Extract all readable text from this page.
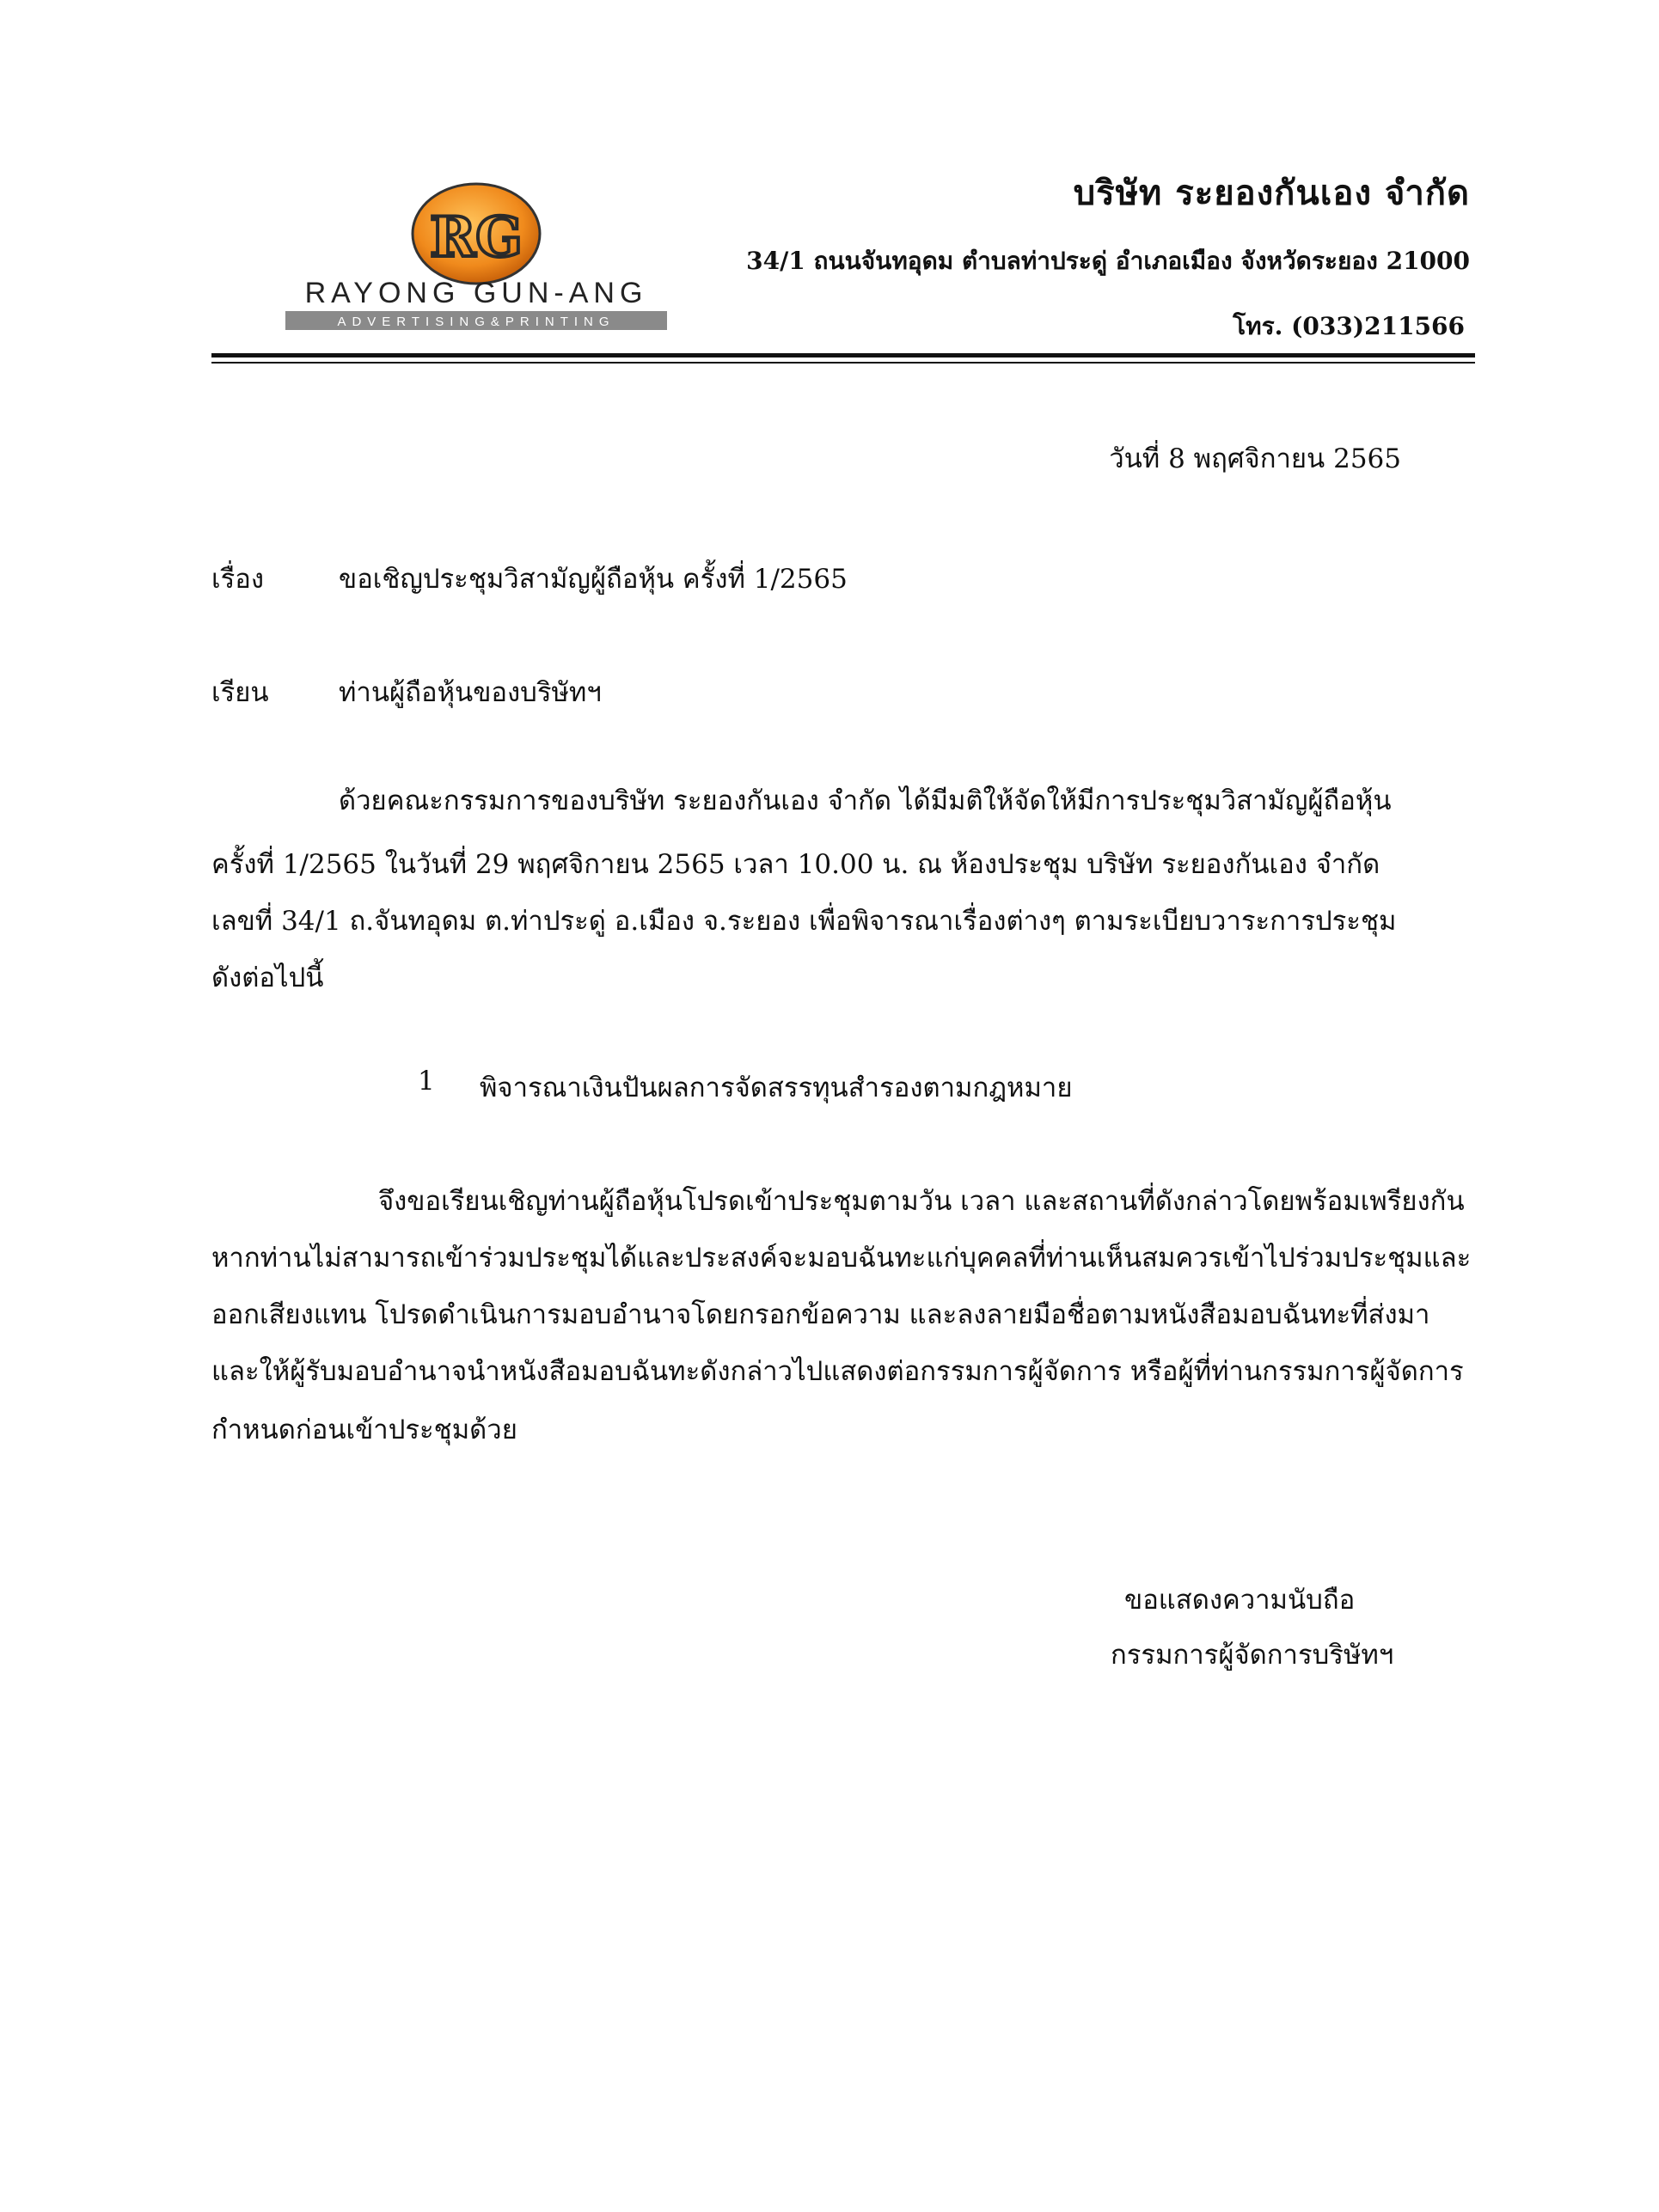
RG
RAYONG GUN-ANG
ADVERTISING&PRINTING
บริษัท ระยองกันเอง จำกัด
34/1 ถนนจันทอุดม ตำบลท่าประดู่ อำเภอเมือง จังหวัดระยอง 21000
โทร. (033)211566
วันที่ 8 พฤศจิกายน 2565
เรื่อง	ขอเชิญประชุมวิสามัญผู้ถือหุ้น ครั้งที่ 1/2565
เรียน	ท่านผู้ถือหุ้นของบริษัทฯ
ด้วยคณะกรรมการของบริษัท ระยองกันเอง จำกัด ได้มีมติให้จัดให้มีการประชุมวิสามัญผู้ถือหุ้น
ครั้งที่ 1/2565 ในวันที่ 29 พฤศจิกายน 2565 เวลา 10.00 น. ณ ห้องประชุม บริษัท ระยองกันเอง จำกัด
เลขที่ 34/1 ถ.จันทอุดม ต.ท่าประดู่ อ.เมือง จ.ระยอง เพื่อพิจารณาเรื่องต่างๆ ตามระเบียบวาระการประชุม
ดังต่อไปนี้
1 พิจารณาเงินปันผลการจัดสรรทุนสำรองตามกฎหมาย
จึงขอเรียนเชิญท่านผู้ถือหุ้นโปรดเข้าประชุมตามวัน เวลา และสถานที่ดังกล่าวโดยพร้อมเพรียงกัน
หากท่านไม่สามารถเข้าร่วมประชุมได้และประสงค์จะมอบฉันทะแก่บุคคลที่ท่านเห็นสมควรเข้าไปร่วมประชุมและ
ออกเสียงแทน โปรดดำเนินการมอบอำนาจโดยกรอกข้อความ และลงลายมือชื่อตามหนังสือมอบฉันทะที่ส่งมา
และให้ผู้รับมอบอำนาจนำหนังสือมอบฉันทะดังกล่าวไปแสดงต่อกรรมการผู้จัดการ หรือผู้ที่ท่านกรรมการผู้จัดการ
กำหนดก่อนเข้าประชุมด้วย
ขอแสดงความนับถือ
กรรมการผู้จัดการบริษัทฯ
